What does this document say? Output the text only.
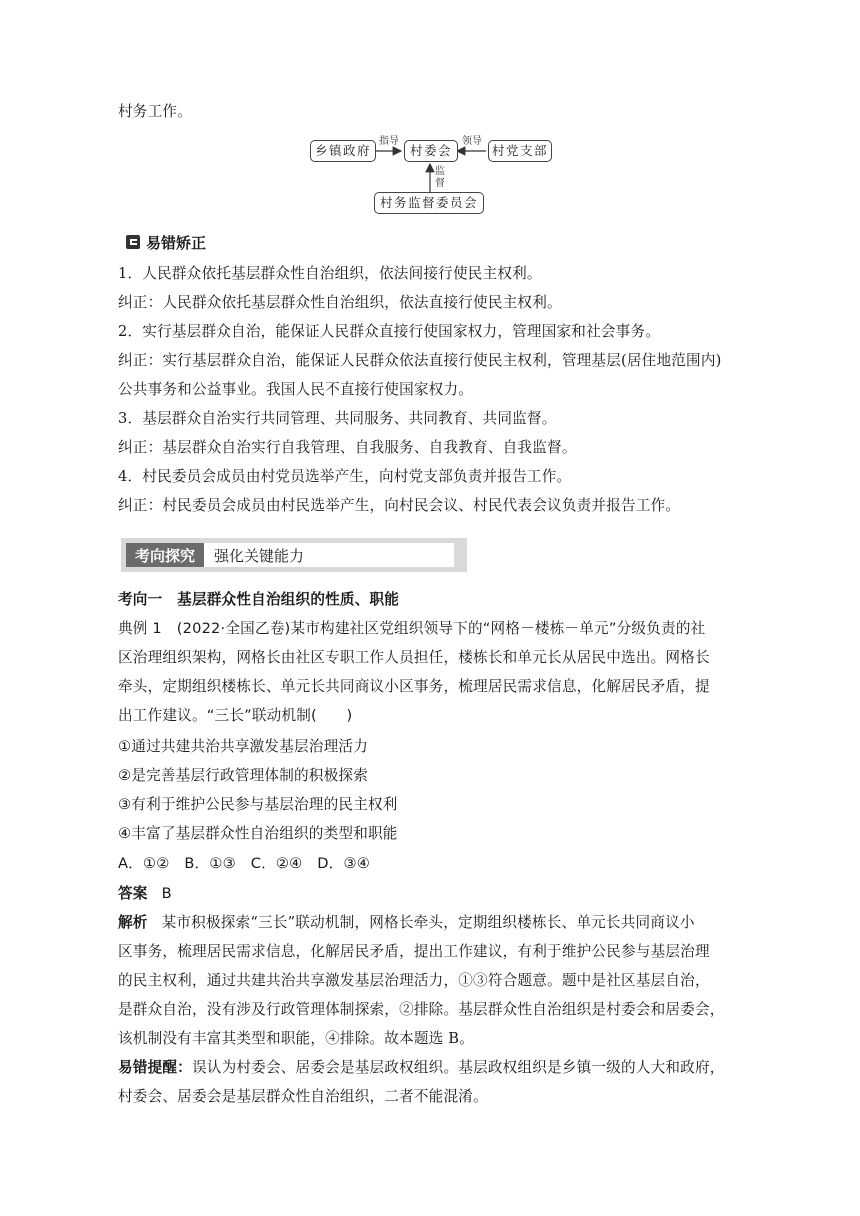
村务工作。
乡镇政府	村委会	村党支部
村务监督委员会
指导	领导
监
督
易错矫正
1．人民群众依托基层群众性自治组织，依法间接行使民主权利。
纠正：人民群众依托基层群众性自治组织，依法直接行使民主权利。
2．实行基层群众自治，能保证人民群众直接行使国家权力，管理国家和社会事务。
纠正：实行基层群众自治，能保证人民群众依法直接行使民主权利，管理基层(居住地范围内)
公共事务和公益事业。我国人民不直接行使国家权力。
3．基层群众自治实行共同管理、共同服务、共同教育、共同监督。
纠正：基层群众自治实行自我管理、自我服务、自我教育、自我监督。
4．村民委员会成员由村党员选举产生，向村党支部负责并报告工作。
纠正：村民委员会成员由村民选举产生，向村民会议、村民代表会议负责并报告工作。
考向探究	强化关键能力
考向一　基层群众性自治组织的性质、职能
典例 1　(2022·全国乙卷)某市构建社区党组织领导下的“网格－楼栋－单元”分级负责的社
区治理组织架构，网格长由社区专职工作人员担任，楼栋长和单元长从居民中选出。网格长
牵头，定期组织楼栋长、单元长共同商议小区事务，梳理居民需求信息，化解居民矛盾，提
出工作建议。“三长”联动机制(　　)
①通过共建共治共享激发基层治理活力
②是完善基层行政管理体制的积极探索
③有利于维护公民参与基层治理的民主权利
④丰富了基层群众性自治组织的类型和职能
A．①②　B．①③　C．②④　D．③④
答案 B
解析 某市积极探索“三长”联动机制，网格长牵头，定期组织楼栋长、单元长共同商议小
区事务，梳理居民需求信息，化解居民矛盾，提出工作建议，有利于维护公民参与基层治理
的民主权利，通过共建共治共享激发基层治理活力，①③符合题意。题中是社区基层自治，
是群众自治，没有涉及行政管理体制探索，②排除。基层群众性自治组织是村委会和居委会，
该机制没有丰富其类型和职能，④排除。故本题选 B。
易错提醒：误认为村委会、居委会是基层政权组织。基层政权组织是乡镇一级的人大和政府，
村委会、居委会是基层群众性自治组织，二者不能混淆。
